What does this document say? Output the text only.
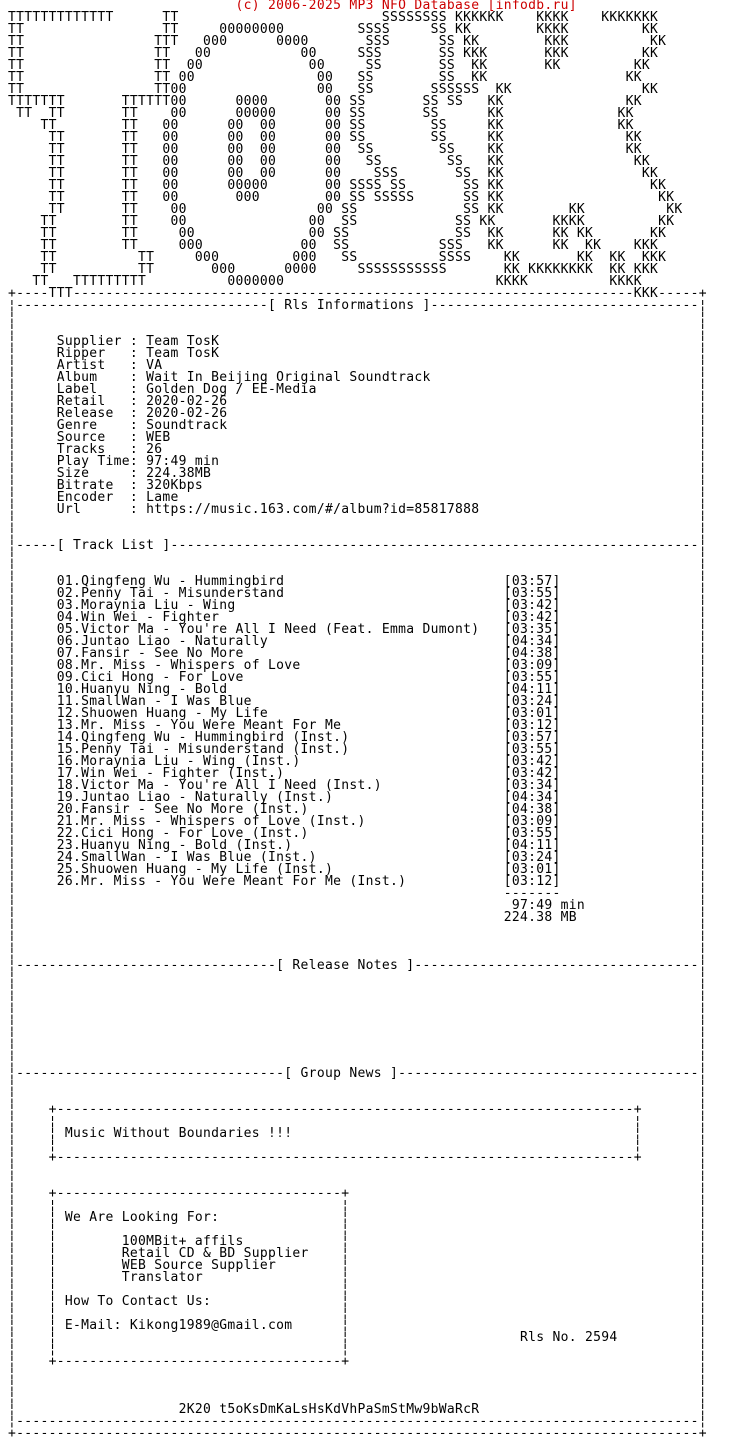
(c) 2006-2025 MP3 NFO Database [infodb.ru]
TTTTTTTTTTTTT      TT                         SSSSSSSS KKKKKK    KKKK    KKKKKKK
TT                 TT     00000000         SSSS     SS KK        KKKK         KK
TT                TTT   000      0000       SSS      SS KK        KKK          KK
TT                TT   00           00     SSS       SS KKK       KKK         KK
TT                TT  00             00     SS       SS  KK       KK         KK
TT                TT 00               00   SS        SS  KK                 KK
TT                TT00                00   SS       SSSSSS  KK                KK
TTTTTTT       TTTTTT00      0000       00 SS       SS SS   KK               KK
TT  TT       TT    00      00000      00 SS       SS      KK              KK
TT        TT   00      00  00      00 SS        SS     KK              KK
TT       TT   00      00  00      00 SS        SS     KK               KK
TT       TT   00      00  00      00  SS        SS    KK               KK
TT       TT   00      00  00      00   SS        SS   KK                KK
TT       TT   00      00  00      00    SSS       SS  KK                 KK
TT       TT   00      00000       00 SSSS SS       SS KK                  KK
TT       TT   00       000        00 SS SSSSS      SS KK                   KK
TT       TT    00                00 SS             SS KK        KK          KK
TT        TT    00               00  SS            SS KK       KKKK         KK
TT        TT     00              00 SS             SS  KK      KK KK       KK
TT        TT     000            00  SS           SSS   KK      KK  KK    KKK
TT          TT     000         000   SS          SSSS    KK       KK  KK  KKK
TT          TT       000      0000     SSSSSSSSSSS       KK KKKKKKKK  KK KKK
TT   TTTTTTTTT          0000000                          KKKK          KKKK
+----TTT---------------------------------------------------------------------KKK-----+
¦-------------------------------[ Rls Informations ]---------------------------------¦
¦                                                                                    ¦
¦                                                                                    ¦
¦     Supplier : Team TosK                                                           ¦
¦     Ripper   : Team TosK                                                           ¦
¦     Artist   : VA                                                                  ¦
¦     Album    : Wait In Beijing Original Soundtrack                                 ¦
¦     Label    : Golden Dog / EE-Media                                               ¦
¦     Retail   : 2020-02-26                                                          ¦
¦     Release  : 2020-02-26                                                          ¦
¦     Genre    : Soundtrack                                                          ¦
¦     Source   : WEB                                                                 ¦
¦     Tracks   : 26                                                                  ¦
¦     Play Time: 97:49 min                                                           ¦
¦     Size     : 224.38MB                                                            ¦
¦     Bitrate  : 320Kbps                                                             ¦
¦     Encoder  : Lame                                                                ¦
¦     Url      : https://music.163.com/#/album?id=85817888                           ¦
¦                                                                                    ¦
¦                                                                                    ¦
¦-----[ Track List ]-----------------------------------------------------------------¦
¦                                                                                    ¦
¦                                                                                    ¦
¦     01.Qingfeng Wu - Hummingbird                           [03:57]                 ¦
¦     02.Penny Tai - Misunderstand                           [03:55]                 ¦
¦     03.Moraynia Liu - Wing                                 [03:42]                 ¦
¦     04.Win Wei - Fighter                                   [03:42]                 ¦
¦     05.Victor Ma - You're All I Need (Feat. Emma Dumont)   [03:35]                 ¦
¦     06.Juntao Liao - Naturally                             [04:34]                 ¦
¦     07.Fansir - See No More                                [04:38]                 ¦
¦     08.Mr. Miss - Whispers of Love                         [03:09]                 ¦
¦     09.Cici Hong - For Love                                [03:55]                 ¦
¦     10.Huanyu Ning - Bold                                  [04:11]                 ¦
¦     11.SmallWan - I Was Blue                               [03:24]                 ¦
¦     12.Shuowen Huang - My Life                             [03:01]                 ¦
¦     13.Mr. Miss - You Were Meant For Me                    [03:12]                 ¦
¦     14.Qingfeng Wu - Hummingbird (Inst.)                   [03:57]                 ¦
¦     15.Penny Tai - Misunderstand (Inst.)                   [03:55]                 ¦
¦     16.Moraynia Liu - Wing (Inst.)                         [03:42]                 ¦
¦     17.Win Wei - Fighter (Inst.)                           [03:42]                 ¦
¦     18.Victor Ma - You're All I Need (Inst.)               [03:34]                 ¦
¦     19.Juntao Liao - Naturally (Inst.)                     [04:34]                 ¦
¦     20.Fansir - See No More (Inst.)                        [04:38]                 ¦
¦     21.Mr. Miss - Whispers of Love (Inst.)                 [03:09]                 ¦
¦     22.Cici Hong - For Love (Inst.)                        [03:55]                 ¦
¦     23.Huanyu Ning - Bold (Inst.)                          [04:11]                 ¦
¦     24.SmallWan - I Was Blue (Inst.)                       [03:24]                 ¦
¦     25.Shuowen Huang - My Life (Inst.)                     [03:01]                 ¦
¦     26.Mr. Miss - You Were Meant For Me (Inst.)            [03:12]                 ¦
¦                                                            -------                 ¦
¦                                                             97:49 min              ¦
¦                                                            224.38 MB               ¦
¦                                                                                    ¦
¦                                                                                    ¦
¦                                                                                    ¦
¦--------------------------------[ Release Notes ]-----------------------------------¦
¦                                                                                    ¦
¦                                                                                    ¦
¦                                                                                    ¦
¦                                                                                    ¦
¦                                                                                    ¦
¦                                                                                    ¦
¦                                                                                    ¦
¦                                                                                    ¦
¦---------------------------------[ Group News ]-------------------------------------¦
¦                                                                                    ¦
¦                                                                                    ¦
¦    +-----------------------------------------------------------------------+       ¦
¦    ¦                                                                       ¦       ¦
¦    ¦ Music Without Boundaries !!!                                          ¦       ¦
¦    ¦                                                                       ¦       ¦
¦    +-----------------------------------------------------------------------+       ¦
¦                                                                                    ¦
¦                                                                                    ¦
¦    +-----------------------------------+                                           ¦
¦    ¦                                   ¦                                           ¦
¦    ¦ We Are Looking For:               ¦                                           ¦
¦    ¦                                   ¦                                           ¦
¦    ¦        100MBit+ affils            ¦                                           ¦
¦    ¦        Retail CD & BD Supplier    ¦                                           ¦
¦    ¦        WEB Source Supplier        ¦                                           ¦
¦    ¦        Translator                 ¦                                           ¦
¦    ¦                                   ¦                                           ¦
¦    ¦ How To Contact Us:                ¦                                           ¦
¦    ¦                                   ¦                                           ¦
¦    ¦ E-Mail: Kikong1989@Gmail.com      ¦                                           ¦
¦    ¦                                   ¦                     Rls No. 2594          ¦
¦    ¦                                   ¦                                           ¦
¦    +-----------------------------------+                                           ¦
¦                                                                                    ¦
¦                                                                                    ¦
¦                                                                                    ¦
¦                    2K20 t5oKsDmKaLsHsKdVhPaSmStMw9bWaRcR                           ¦
¦------------------------------------------------------------------------------------¦
+------------------------------------------------------------------------------------+
